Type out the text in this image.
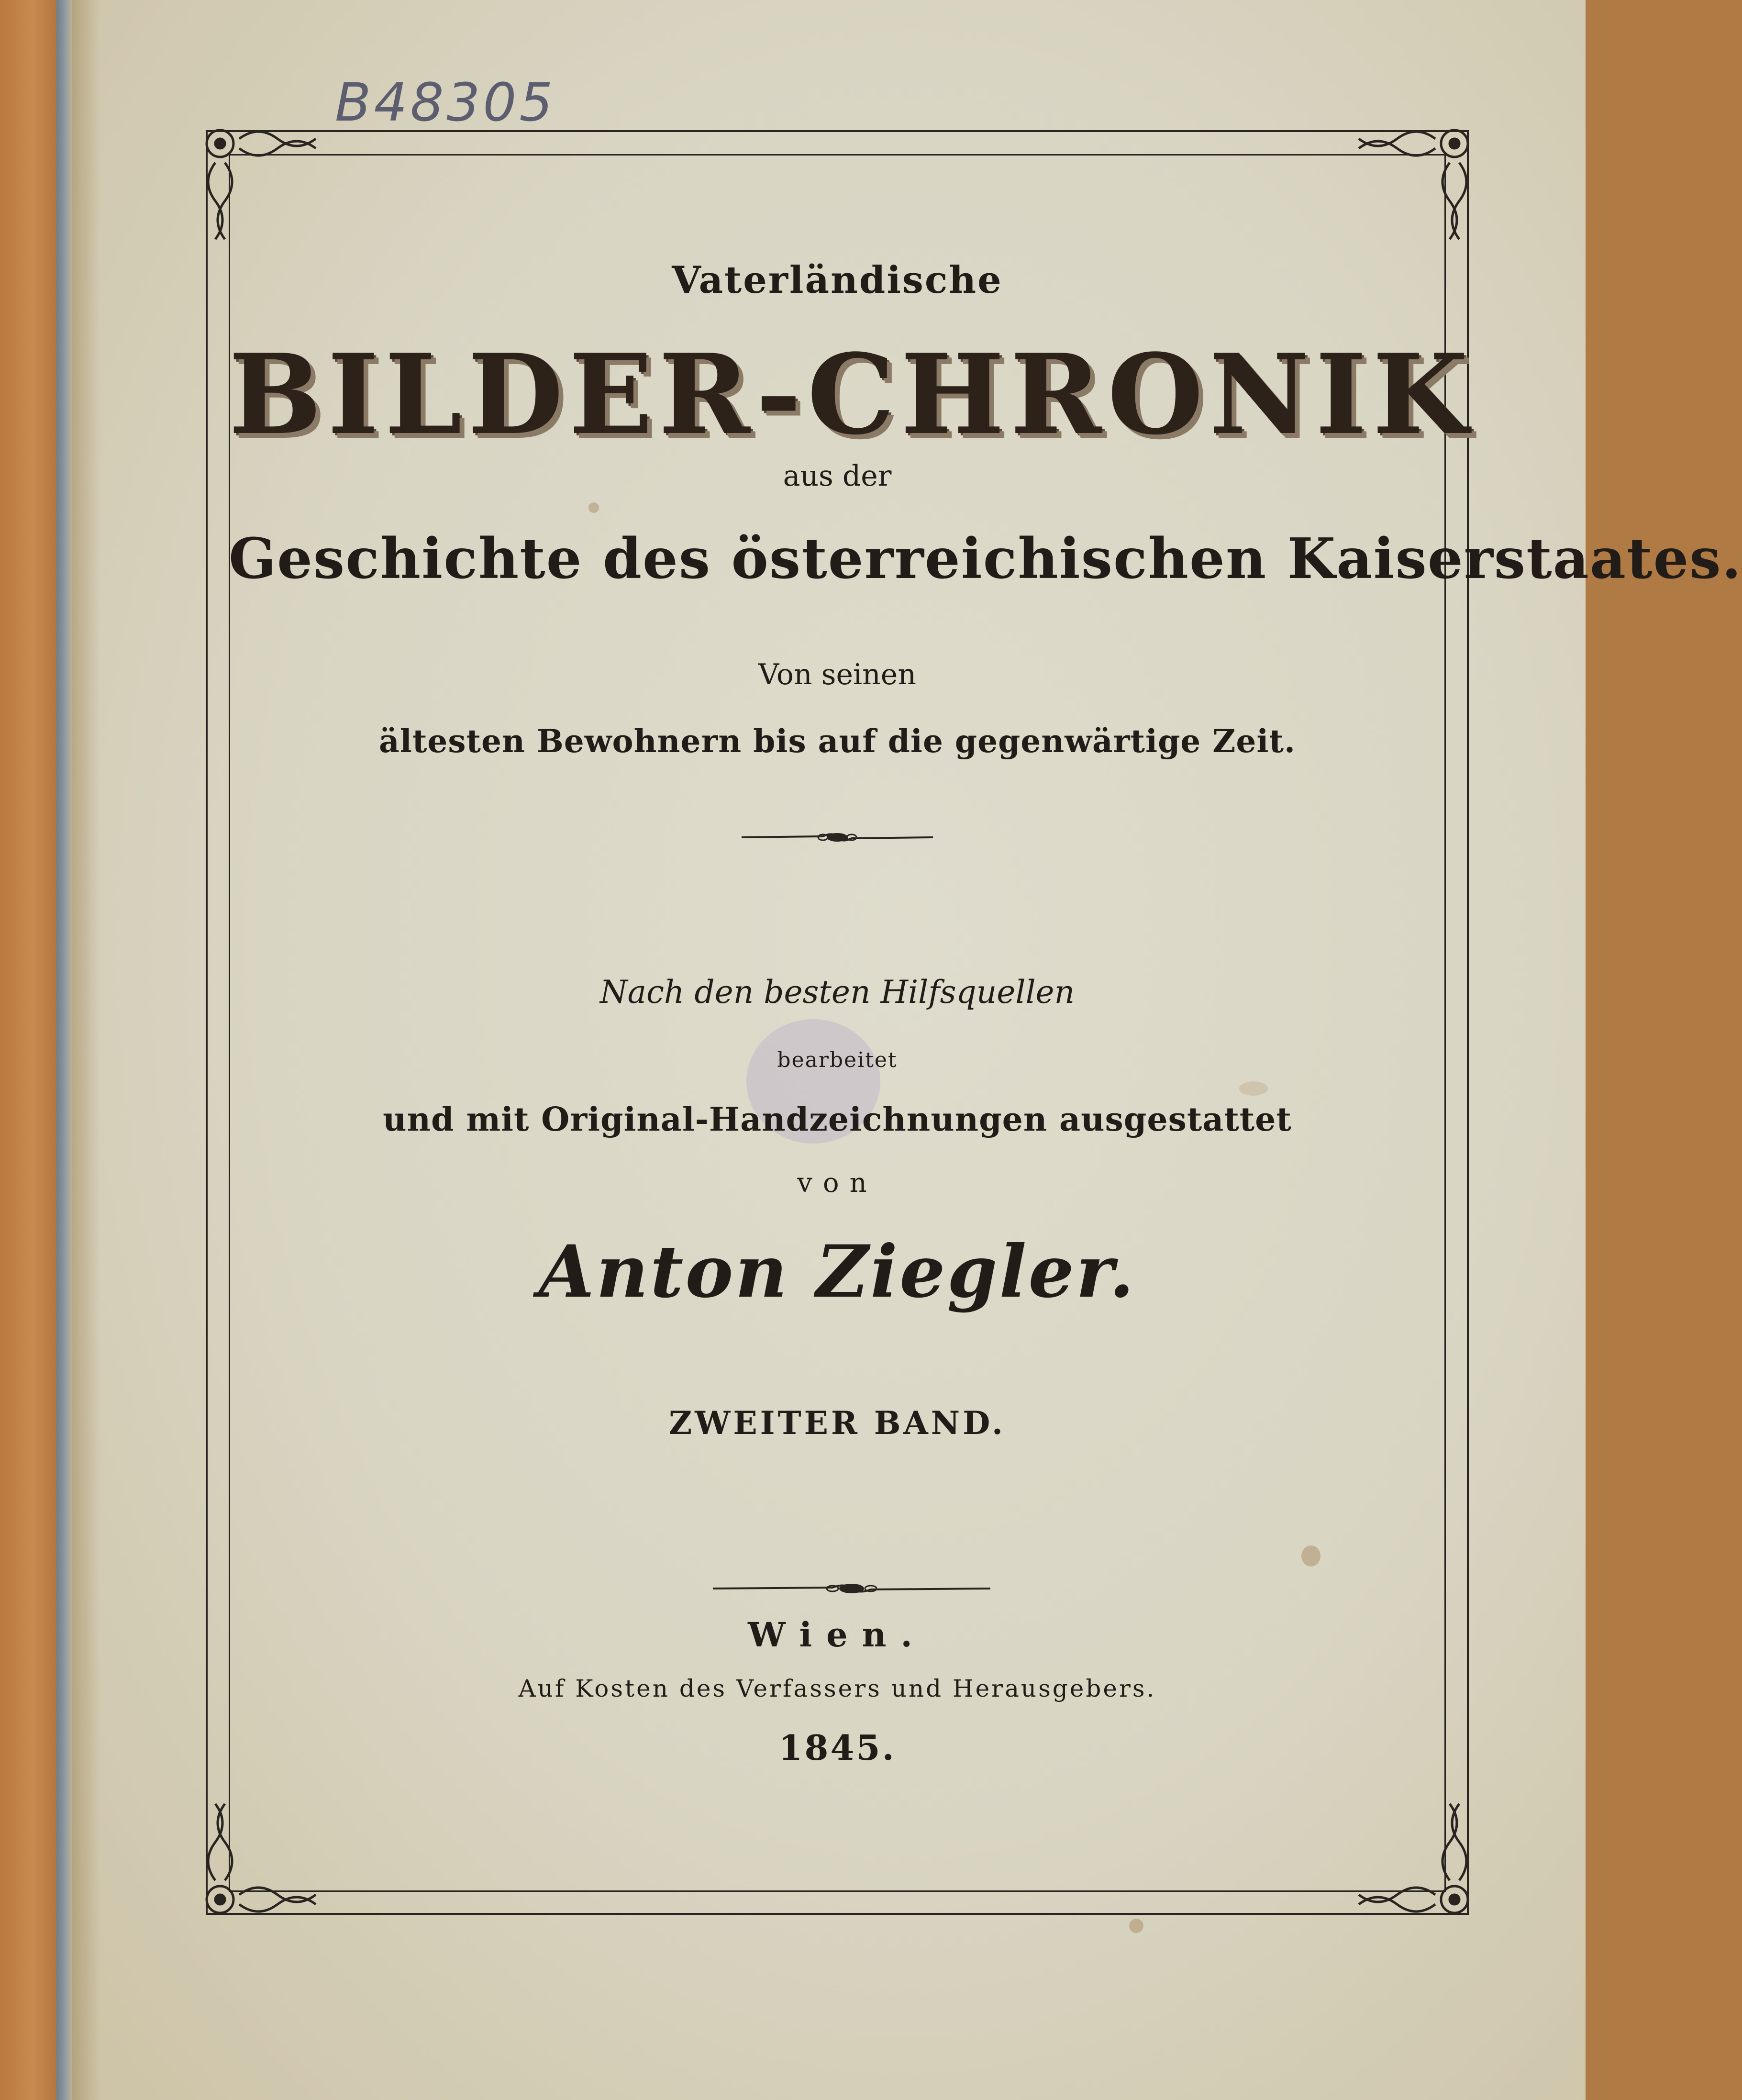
B48305
Vaterländische
BILDER-CHRONIK
aus der
Geschichte des österreichischen Kaiserstaates.
Von seinen
ältesten Bewohnern bis auf die gegenwärtige Zeit.
Nach den besten Hilfsquellen
bearbeitet
und mit Original-Handzeichnungen ausgestattet
von
Anton Ziegler.
ZWEITER BAND.
Wien.
Auf Kosten des Verfassers und Herausgebers.
1845.
